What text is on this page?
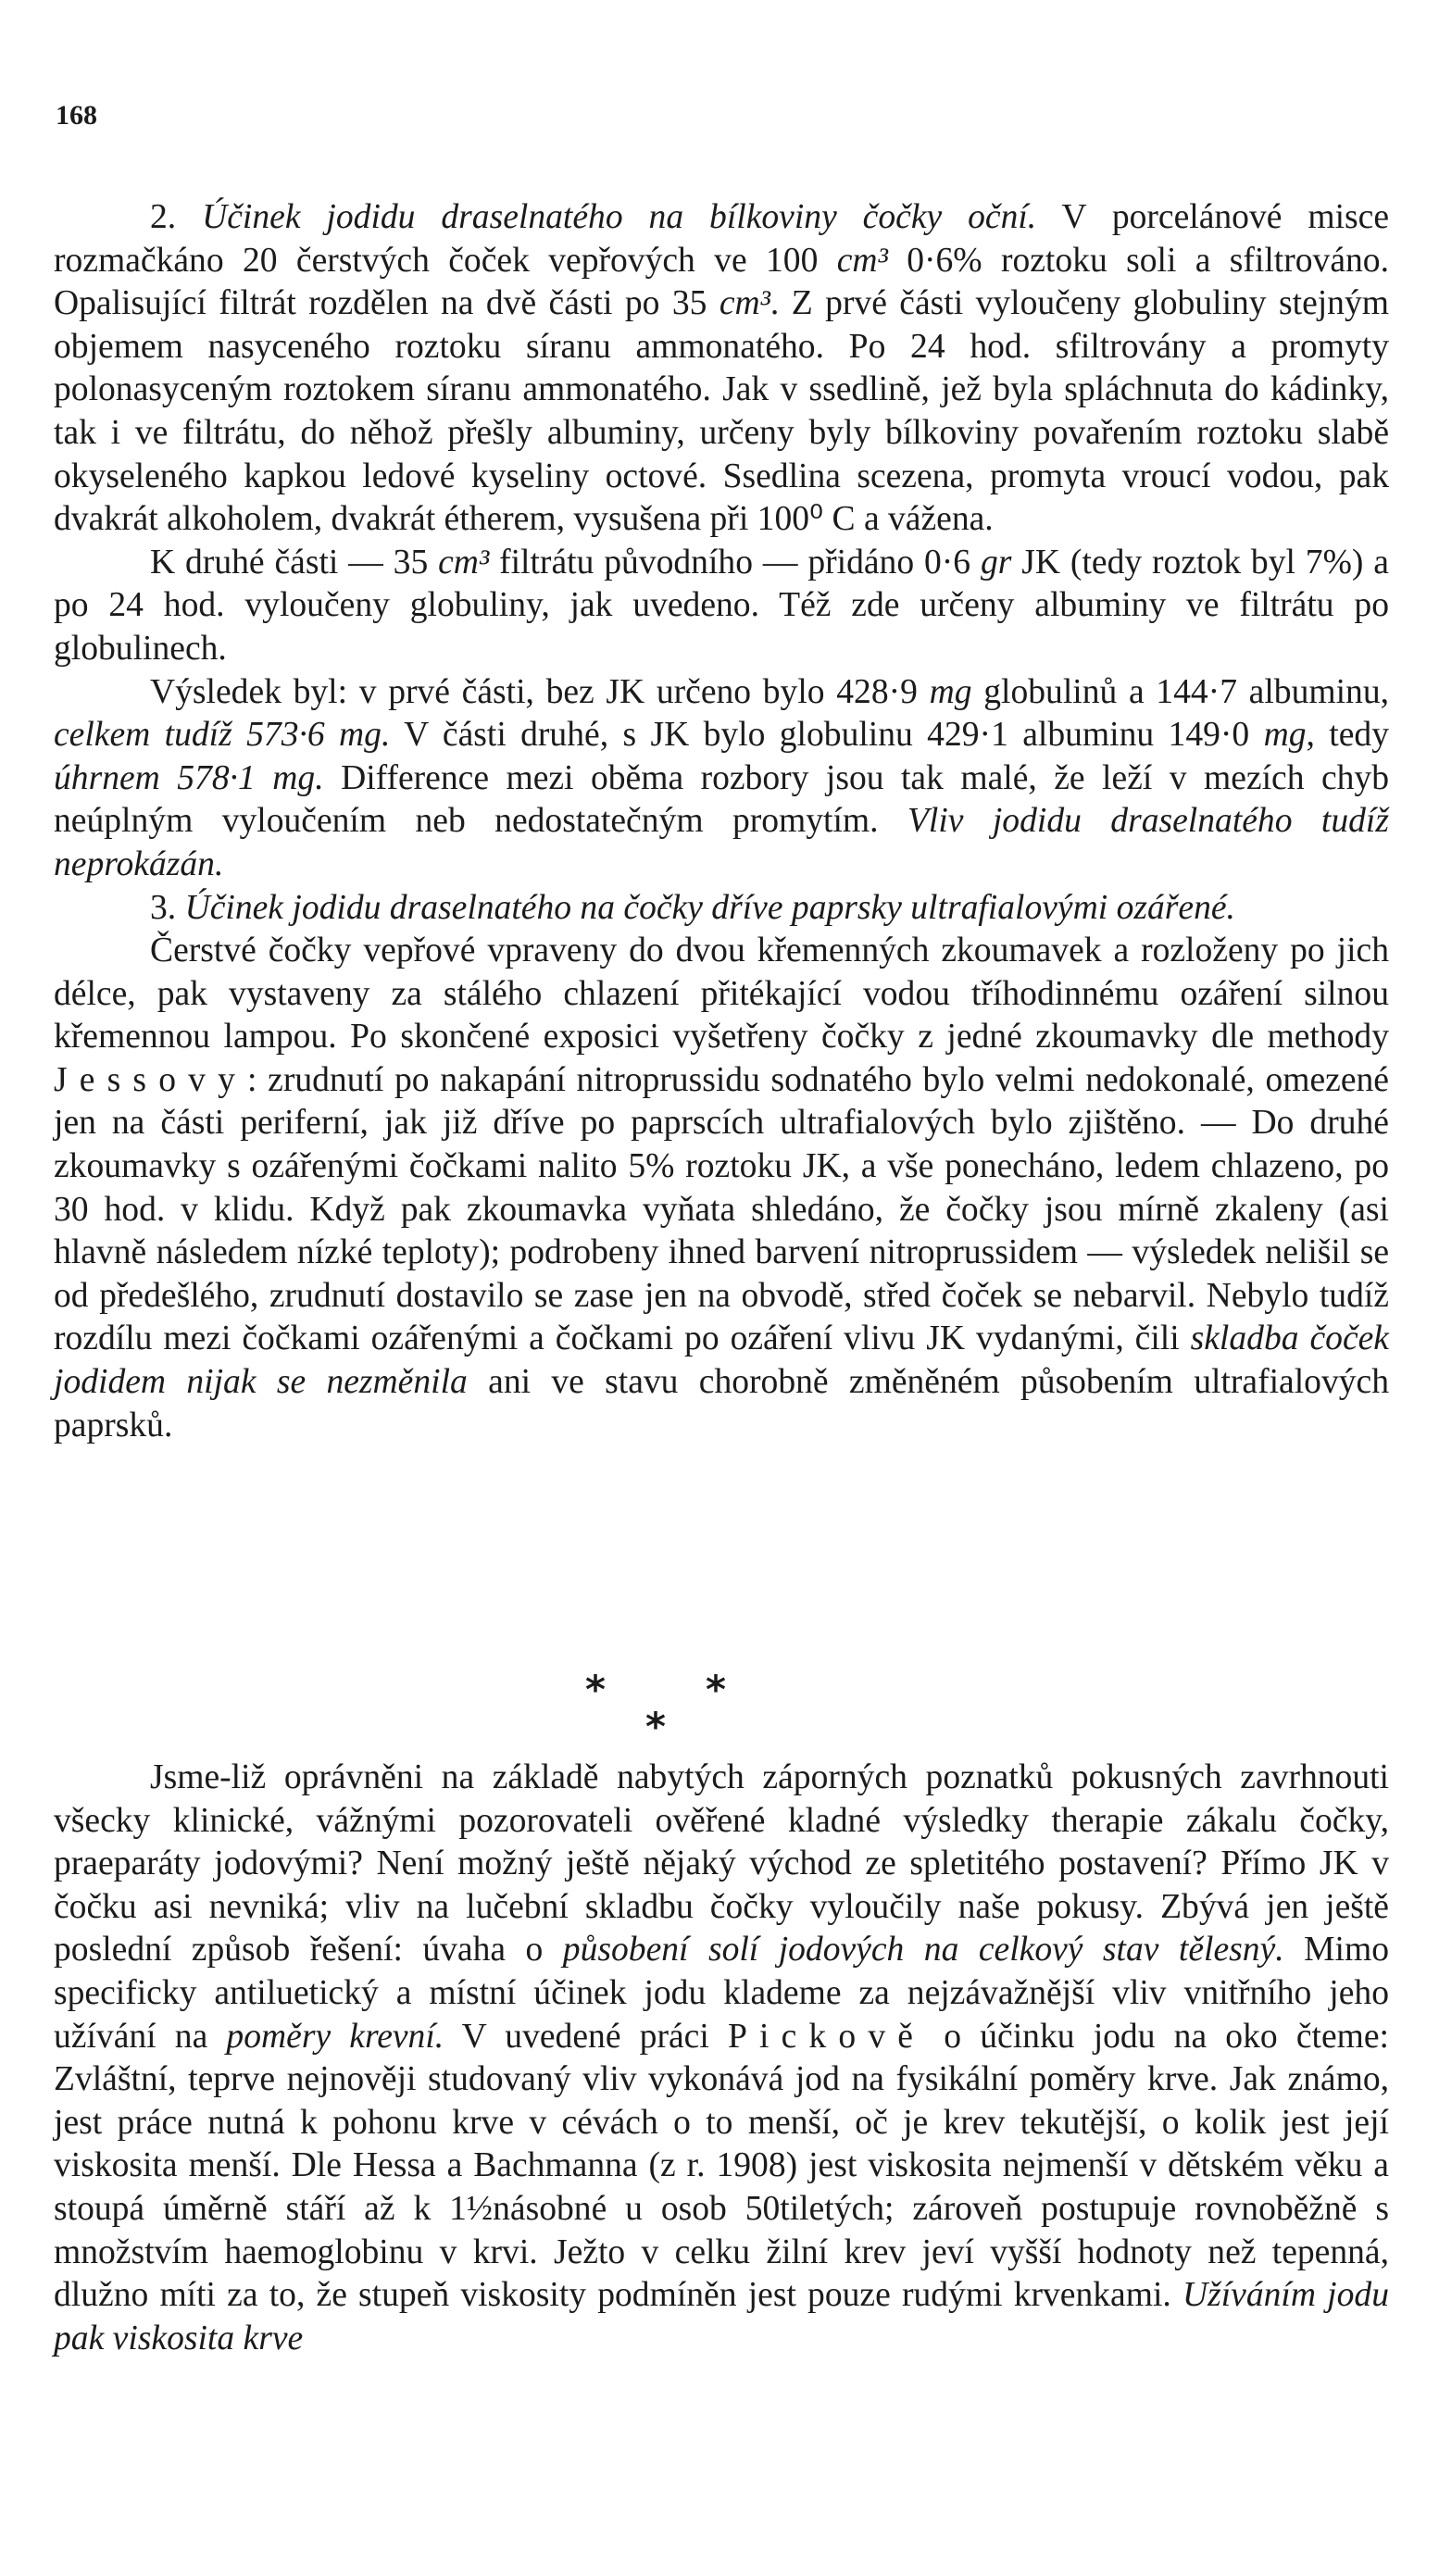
168

2. Účinek jodidu draselnatého na bílkoviny čočky oční. V porcelánové misce rozmačkáno 20 čerstvých čoček vepřových ve 100 cm³ 0·6% roztoku soli a sfiltrováno. Opalisující filtrát rozdělen na dvě části po 35 cm³. Z prvé části vyloučeny globuliny stejným objemem nasyceného roztoku síranu ammonatého. Po 24 hod. sfiltrovány a promyty polonasyceným roztokem síranu ammonatého. Jak v ssedlině, jež byla spláchnuta do kádinky, tak i ve filtrátu, do něhož přešly albuminy, určeny byly bílkoviny povařením roztoku slabě okyseleného kapkou ledové kyseliny octové. Ssedlina scezena, promyta vroucí vodou, pak dvakrát alkoholem, dvakrát étherem, vysušena při 100⁰ C a vážena.

K druhé části — 35 cm³ filtrátu původního — přidáno 0·6 gr JK (tedy roztok byl 7%) a po 24 hod. vyloučeny globuliny, jak uvedeno. Též zde určeny albuminy ve filtrátu po globulinech.

Výsledek byl: v prvé části, bez JK určeno bylo 428·9 mg globulinů a 144·7 albuminu, celkem tudíž 573·6 mg. V části druhé, s JK bylo globulinu 429·1 albuminu 149·0 mg, tedy úhrnem 578·1 mg. Difference mezi oběma rozbory jsou tak malé, že leží v mezích chyb neúplným vyloučením neb nedostatečným promytím. Vliv jodidu draselnatého tudíž neprokázán.

3. Účinek jodidu draselnatého na čočky dříve paprsky ultrafialovými ozářené.

Čerstvé čočky vepřové vpraveny do dvou křemenných zkoumavek a rozloženy po jich délce, pak vystaveny za stálého chlazení přitékající vodou tříhodinnému ozáření silnou křemennou lampou. Po skončené exposici vyšetřeny čočky z jedné zkoumavky dle methody Jessovy: zrudnutí po nakapání nitroprussidu sodnatého bylo velmi nedokonalé, omezené jen na části periferní, jak již dříve po paprscích ultrafialových bylo zjištěno. — Do druhé zkoumavky s ozářenými čočkami nalito 5% roztoku JK, a vše ponecháno, ledem chlazeno, po 30 hod. v klidu. Když pak zkoumavka vyňata shledáno, že čočky jsou mírně zkaleny (asi hlavně následem nízké teploty); podrobeny ihned barvení nitroprussidem — výsledek nelišil se od předešlého, zrudnutí dostavilo se zase jen na obvodě, střed čoček se nebarvil. Nebylo tudíž rozdílu mezi čočkami ozářenými a čočkami po ozáření vlivu JK vydanými, čili skladba čoček jodidem nijak se nezměnila ani ve stavu chorobně změněném působením ultrafialových paprsků.

*	*
*

Jsme-liž oprávněni na základě nabytých záporných poznatků pokusných zavrhnouti všecky klinické, vážnými pozorovateli ověřené kladné výsledky therapie zákalu čočky, praeparáty jodovými? Není možný ještě nějaký východ ze spletitého postavení? Přímo JK v čočku asi nevniká; vliv na lučební skladbu čočky vyloučily naše pokusy. Zbývá jen ještě poslední způsob řešení: úvaha o působení solí jodových na celkový stav tělesný. Mimo specificky antiluetický a místní účinek jodu klademe za nejzávažnější vliv vnitřního jeho užívání na poměry krevní. V uvedené práci Pickově o účinku jodu na oko čteme: Zvláštní, teprve nejnověji studovaný vliv vykonává jod na fysikální poměry krve. Jak známo, jest práce nutná k pohonu krve v cévách o to menší, oč je krev tekutější, o kolik jest její viskosita menší. Dle Hessa a Bachmanna (z r. 1908) jest viskosita nejmenší v dětském věku a stoupá úměrně stáří až k 1½násobné u osob 50tiletých; zároveň postupuje rovnoběžně s množstvím haemoglobinu v krvi. Ježto v celku žilní krev jeví vyšší hodnoty než tepenná, dlužno míti za to, že stupeň viskosity podmíněn jest pouze rudými krvenkami. Užíváním jodu pak viskosita krve
